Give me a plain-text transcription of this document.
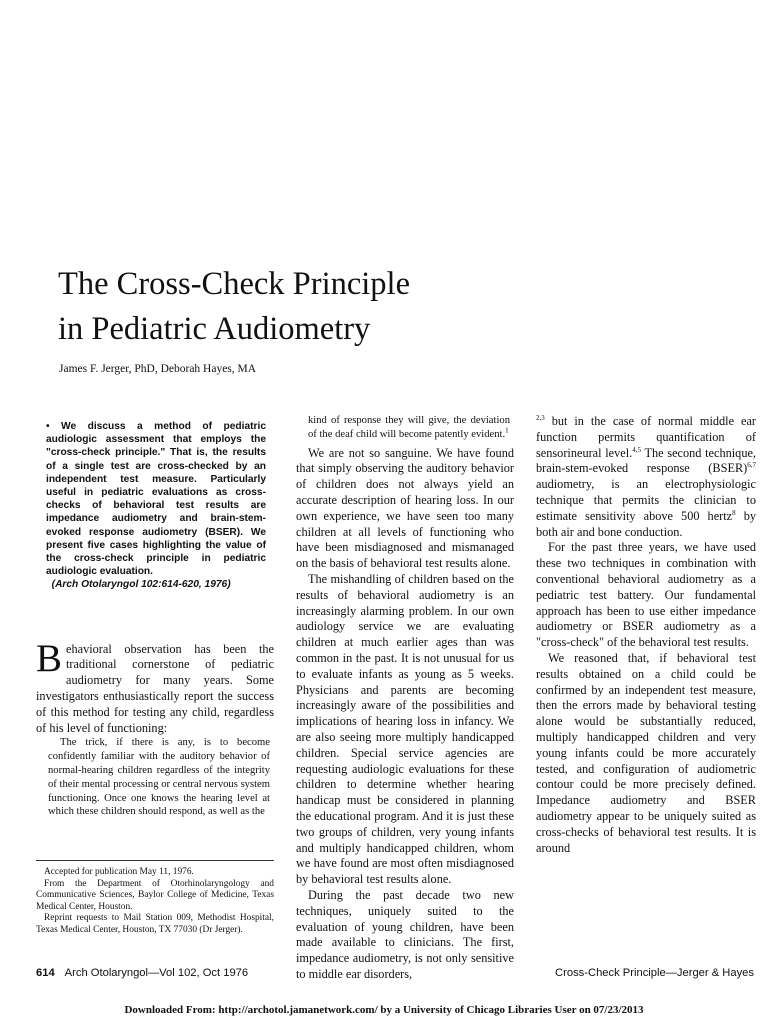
The Cross-Check Principle
in Pediatric Audiometry
James F. Jerger, PhD, Deborah Hayes, MA
• We discuss a method of pediatric audiologic assessment that employs the "cross-check principle." That is, the results of a single test are cross-checked by an independent test measure. Particularly useful in pediatric evaluations as cross-checks of behavioral test results are impedance audiometry and brain-stem-evoked response audiometry (BSER). We present five cases highlighting the value of the cross-check principle in pediatric audiologic evaluation.
(Arch Otolaryngol 102:614-620, 1976)

Behavioral observation has been the traditional cornerstone of pediatric audiometry for many years. Some investigators enthusiastically report the success of this method for testing any child, regardless of his level of functioning:

The trick, if there is any, is to become confidently familiar with the auditory behavior of normal-hearing children regardless of the integrity of their mental processing or central nervous system functioning. Once one knows the hearing level at which these children should respond, as well as the
kind of response they will give, the deviation of the deaf child will become patently evident.$^1$

We are not so sanguine. We have found that simply observing the auditory behavior of children does not always yield an accurate description of hearing loss. In our own experience, we have seen too many children at all levels of functioning who have been misdiagnosed and mismanaged on the basis of behavioral test results alone.

The mishandling of children based on the results of behavioral audiometry is an increasingly alarming problem. In our own audiology service we are evaluating children at much earlier ages than was common in the past. It is not unusual for us to evaluate infants as young as 5 weeks. Physicians and parents are becoming increasingly aware of the possibilities and implications of hearing loss in infancy. We are also seeing more multiply handicapped children. Special service agencies are requesting audiologic evaluations for these children to determine whether hearing handicap must be considered in planning the educational program. And it is just these two groups of children, very young infants and multiply handicapped children, whom we have found are most often misdiagnosed by behavioral test results alone.

During the past decade two new techniques, uniquely suited to the evaluation of young children, have been made available to clinicians. The first, impedance audiometry, is not only sensitive to middle ear disorders,

$^{2,3}$ but in the case of normal middle ear function permits quantification of sensorineural level.$^{4,5}$ The second technique, brain-stem-evoked response (BSER)$^{6,7}$ audiometry, is an electrophysiologic technique that permits the clinician to estimate sensitivity above 500 hertz$^8$ by both air and bone conduction.

For the past three years, we have used these two techniques in combination with conventional behavioral audiometry as a pediatric test battery. Our fundamental approach has been to use either impedance audiometry or BSER audiometry as a "cross-check" of the behavioral test results.

We reasoned that, if behavioral test results obtained on a child could be confirmed by an independent test measure, then the errors made by behavioral testing alone would be substantially reduced, multiply handicapped children and very young infants could be more accurately tested, and configuration of audiometric contour could be more precisely defined. Impedance audiometry and BSER audiometry appear to be uniquely suited as cross-checks of behavioral test results. It is around

Accepted for publication May 11, 1976.

From the Department of Otorhinolaryngology and Communicative Sciences, Baylor College of Medicine, Texas Medical Center, Houston.

Reprint requests to Mail Station 009, Methodist Hospital, Texas Medical Center, Houston, TX 77030 (Dr Jerger).

614 Arch Otolaryngol—Vol 102, Oct 1976	Cross-Check Principle—Jerger & Hayes
Downloaded From: http://archotol.jamanetwork.com/ by a University of Chicago Libraries User on 07/23/2013
